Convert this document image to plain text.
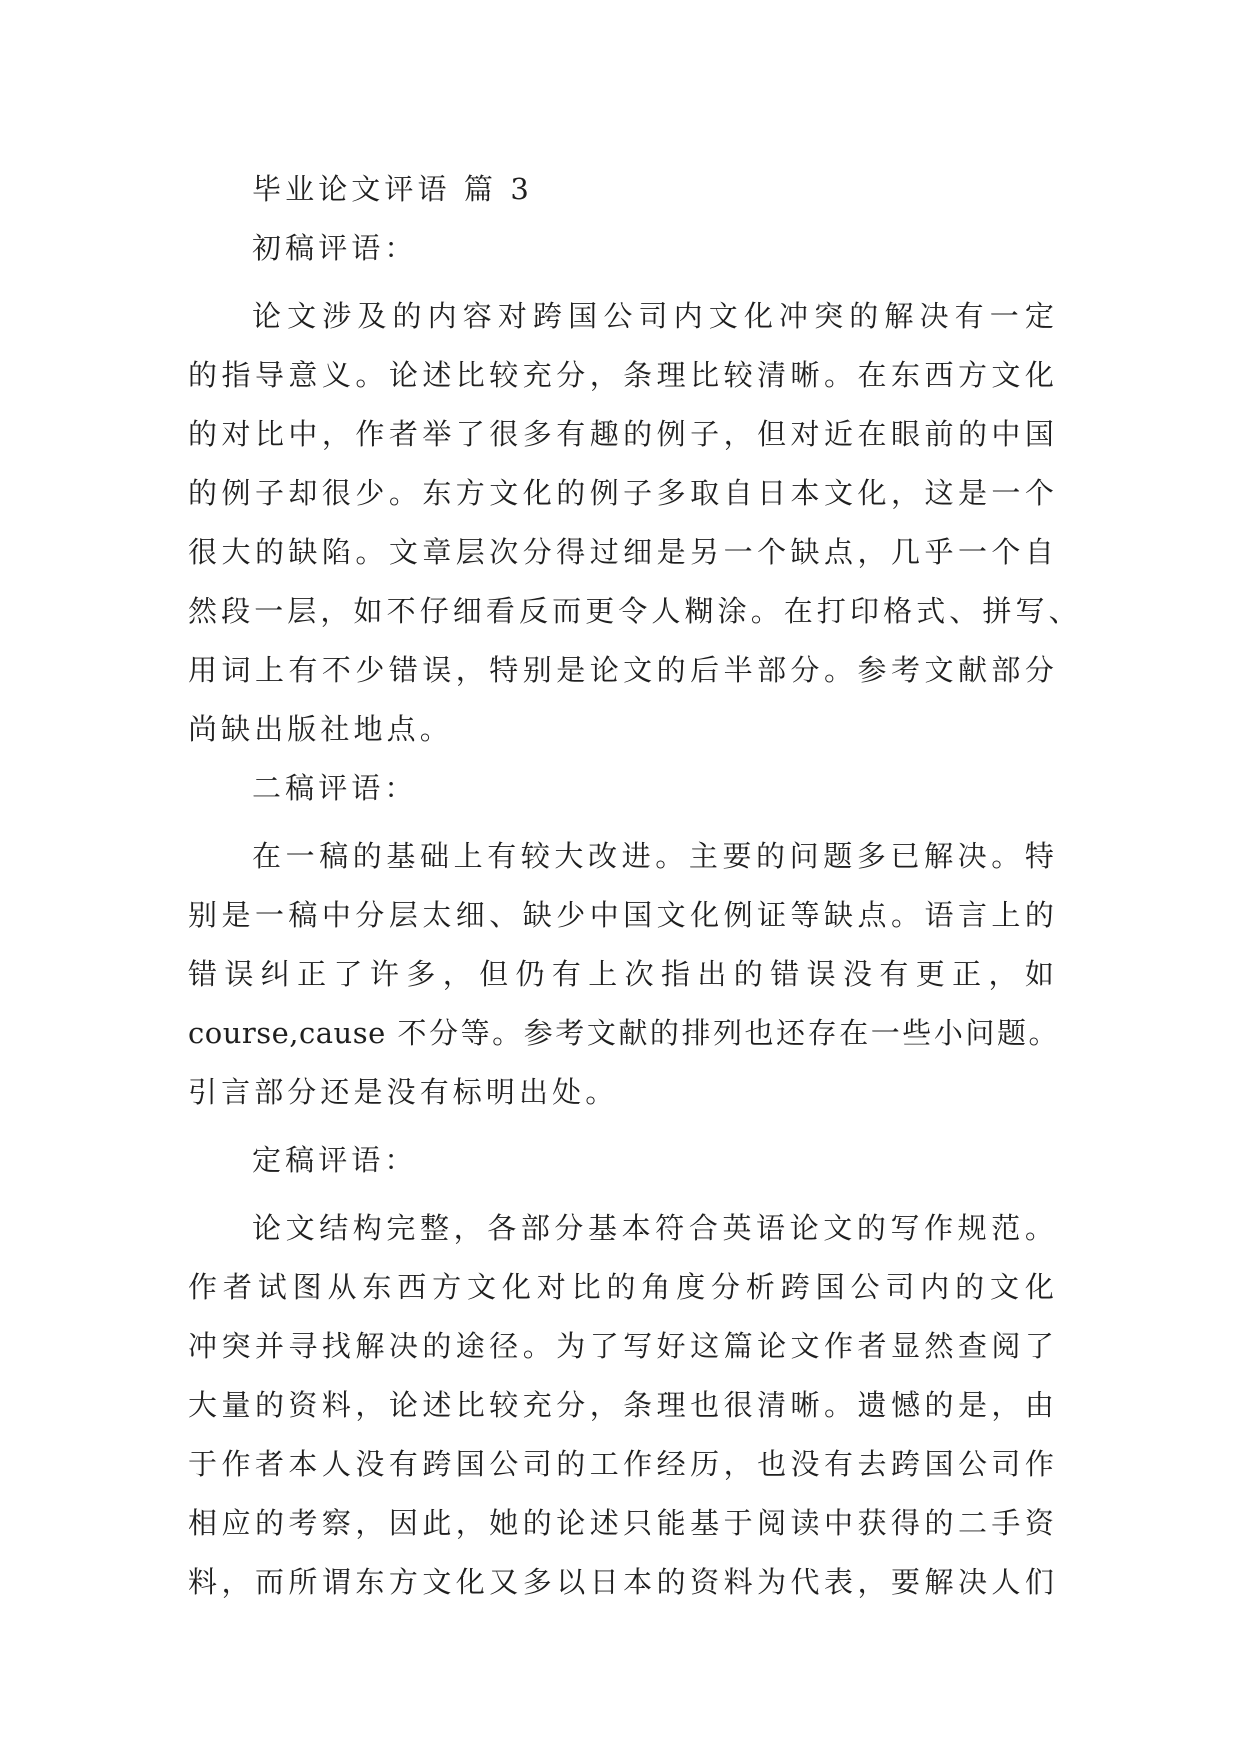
毕业论文评语 篇 3
初稿评语：
论文涉及的内容对跨国公司内文化冲突的解决有一定
的指导意义。论述比较充分，条理比较清晰。在东西方文化
的对比中，作者举了很多有趣的例子，但对近在眼前的中国
的例子却很少。东方文化的例子多取自日本文化，这是一个
很大的缺陷。文章层次分得过细是另一个缺点，几乎一个自
然段一层，如不仔细看反而更令人糊涂。在打印格式、拼写、
用词上有不少错误，特别是论文的后半部分。参考文献部分
尚缺出版社地点。
二稿评语：
在一稿的基础上有较大改进。主要的问题多已解决。特
别是一稿中分层太细、缺少中国文化例证等缺点。语言上的
错误纠正了许多，但仍有上次指出的错误没有更正，如
course,cause 不分等。参考文献的排列也还存在一些小问题。
引言部分还是没有标明出处。
定稿评语：
论文结构完整，各部分基本符合英语论文的写作规范。
作者试图从东西方文化对比的角度分析跨国公司内的文化
冲突并寻找解决的途径。为了写好这篇论文作者显然查阅了
大量的资料，论述比较充分，条理也很清晰。遗憾的是，由
于作者本人没有跨国公司的工作经历，也没有去跨国公司作
相应的考察，因此，她的论述只能基于阅读中获得的二手资
料，而所谓东方文化又多以日本的资料为代表，要解决人们
